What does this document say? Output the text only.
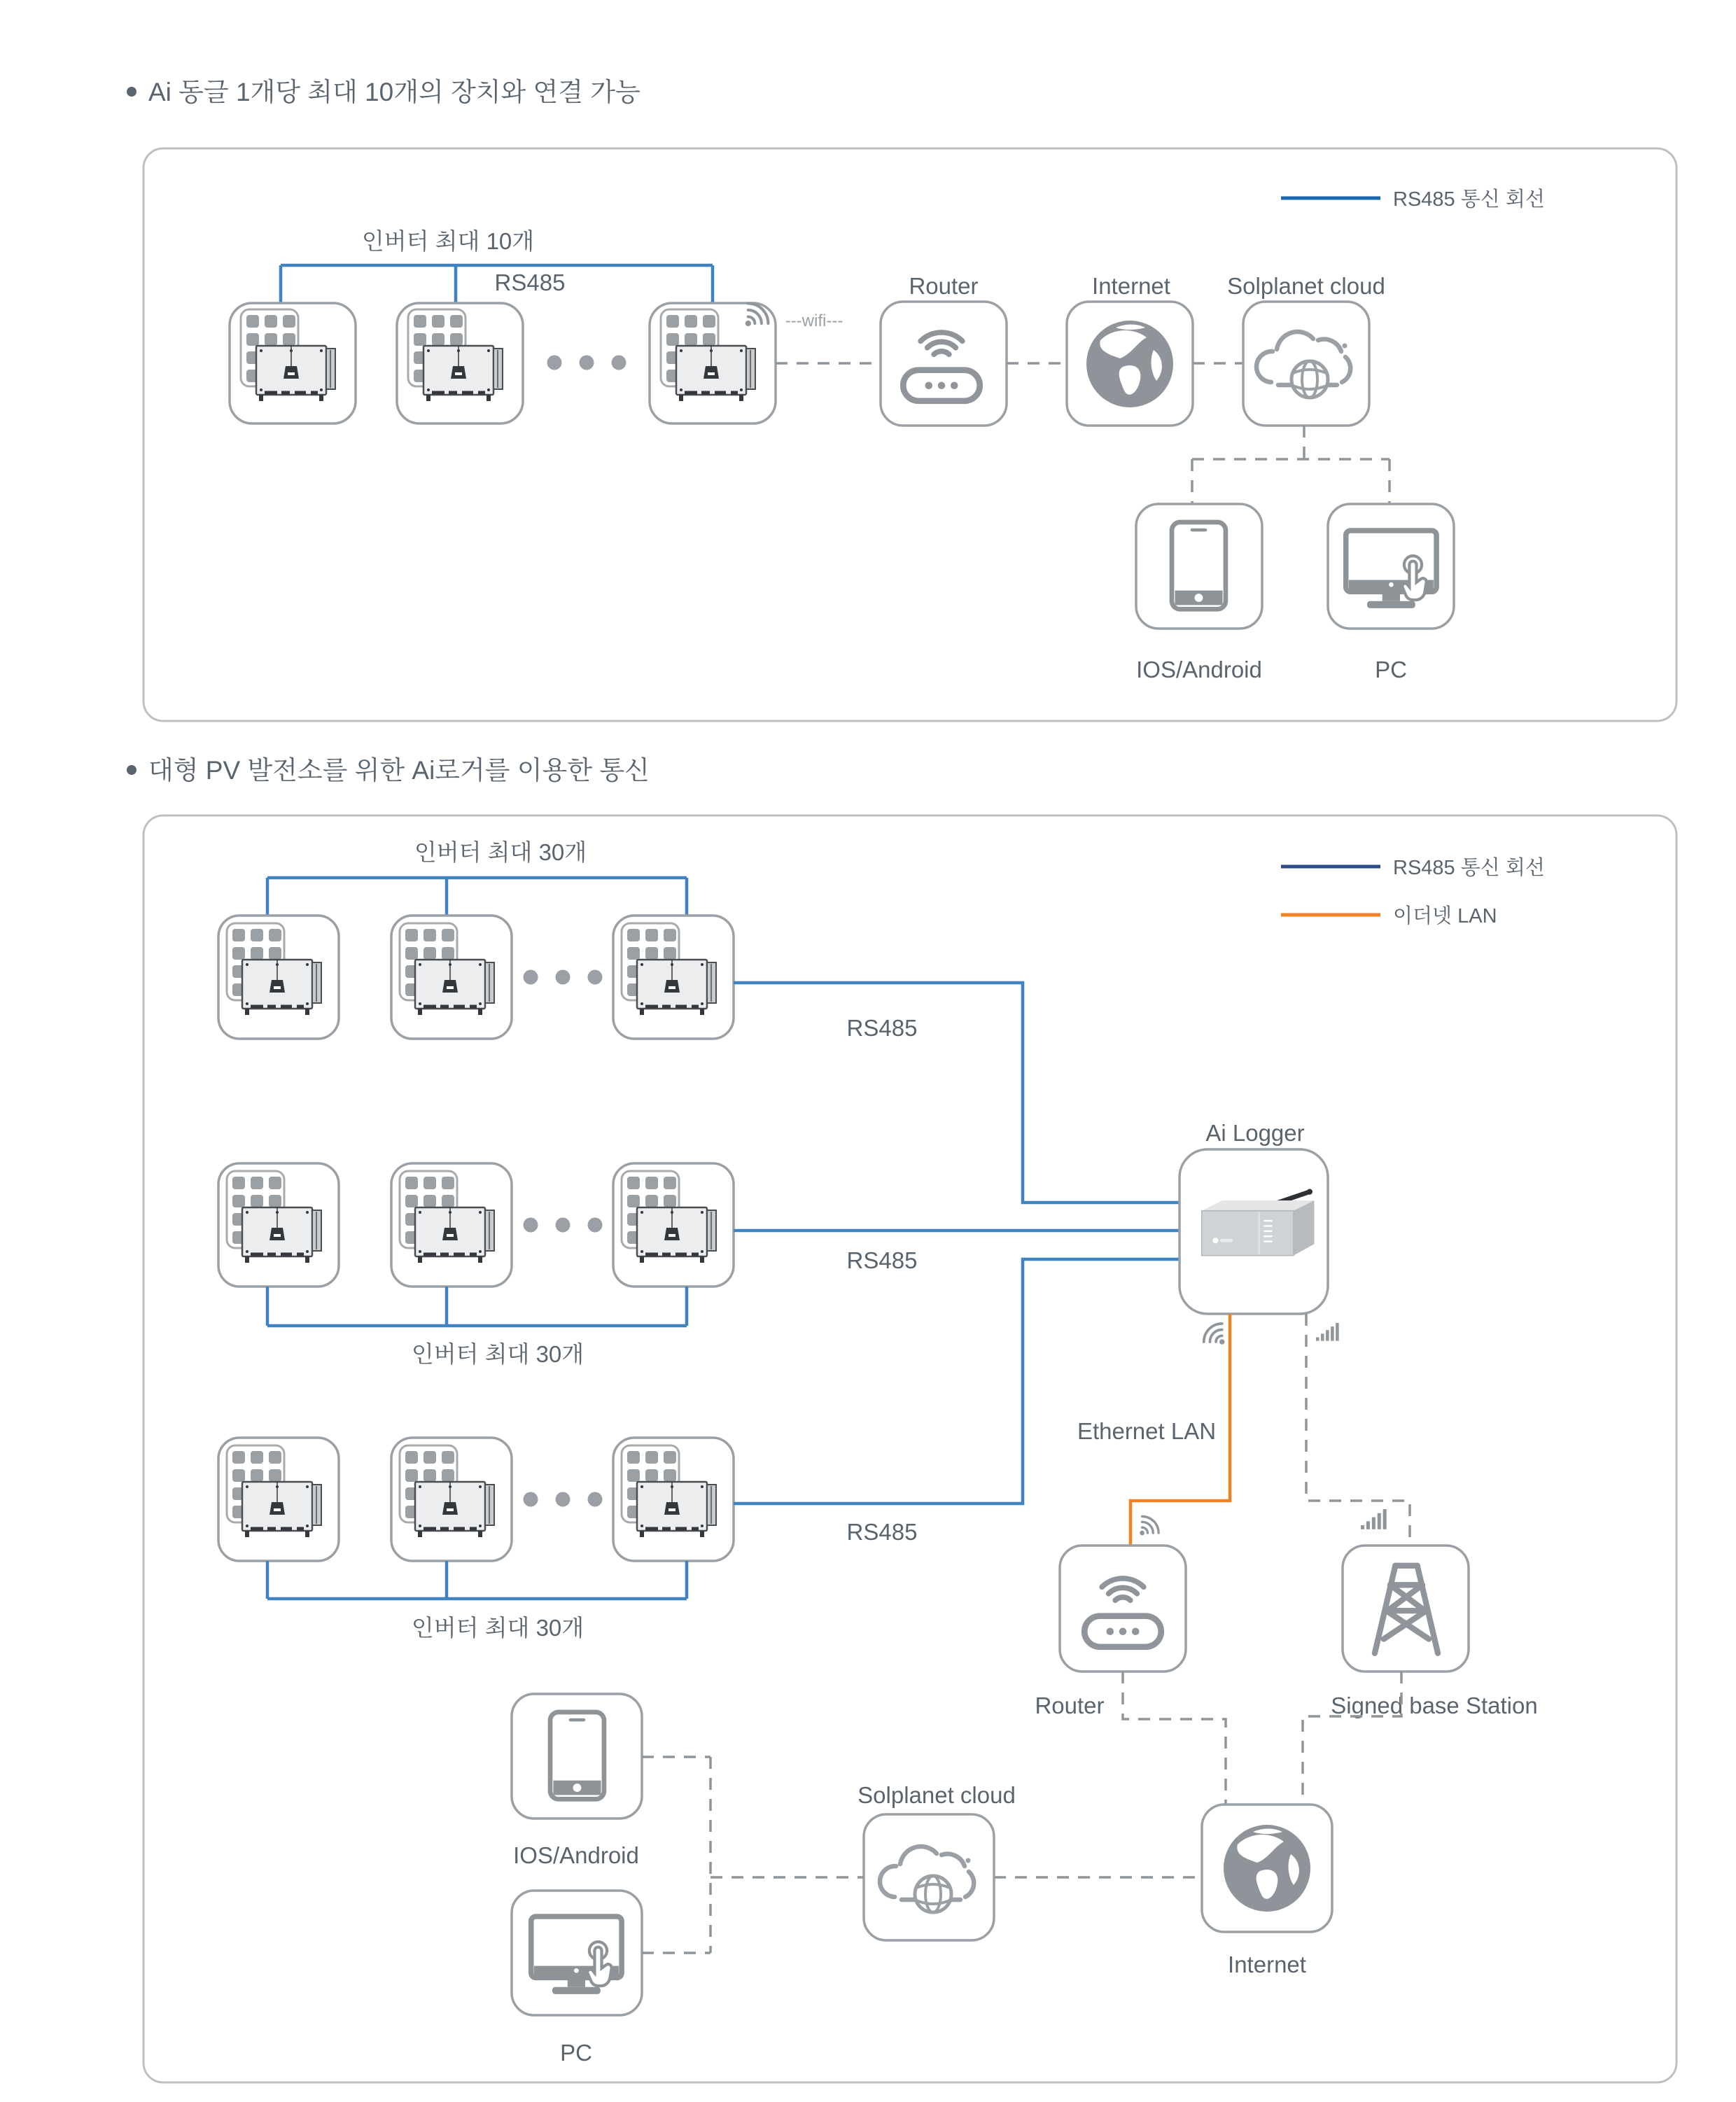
Ai 동글 1개당 최대 10개의 장치와 연결 가능
RS485 통신 회선
인버터 최대 10개
RS485
---wifi---
Router	Internet Solplanet cloud
IOS/Android	PC
대형 PV 발전소를 위한 Ai로거를 이용한 통신
RS485 통신 회선
이더넷 LAN
인버터 최대 30개
RS485
RS485
인버터 최대 30개
RS485
인버터 최대 30개
Ai Logger
Ethernet LAN
Router	Signed base Station
Internet
Solplanet cloud
IOS/Android
PC
